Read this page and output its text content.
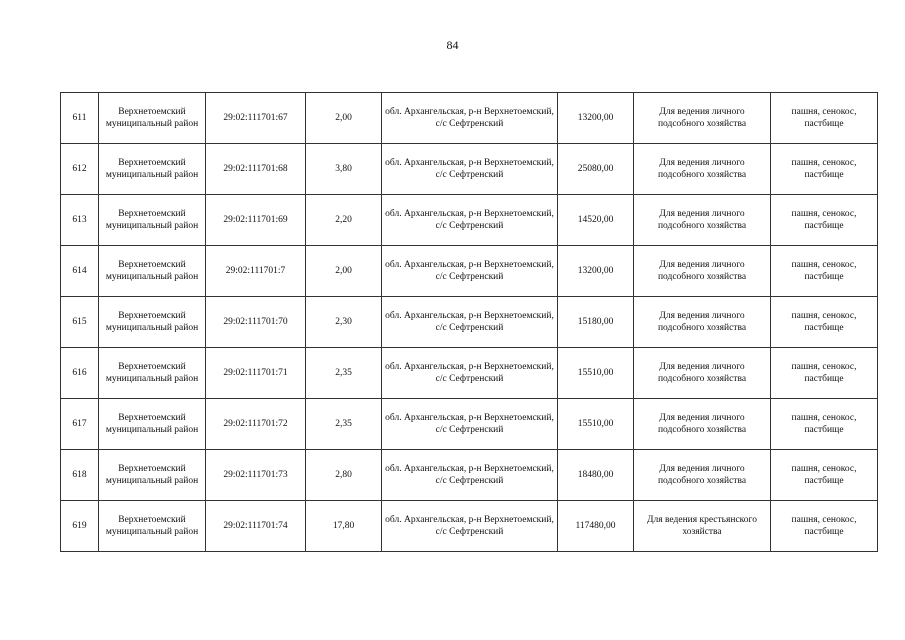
84
611	Верхнетоемский муниципальный район	29:02:111701:67	2,00	обл. Архангельская, р-н Верхнетоемский, с/с Сефтренский	13200,00	Для ведения личного подсобного хозяйства	пашня, сенокос, пастбище
612	Верхнетоемский муниципальный район	29:02:111701:68	3,80	обл. Архангельская, р-н Верхнетоемский, с/с Сефтренский	25080,00	Для ведения личного подсобного хозяйства	пашня, сенокос, пастбище
613	Верхнетоемский муниципальный район	29:02:111701:69	2,20	обл. Архангельская, р-н Верхнетоемский, с/с Сефтренский	14520,00	Для ведения личного подсобного хозяйства	пашня, сенокос, пастбище
614	Верхнетоемский муниципальный район	29:02:111701:7	2,00	обл. Архангельская, р-н Верхнетоемский, с/с Сефтренский	13200,00	Для ведения личного подсобного хозяйства	пашня, сенокос, пастбище
615	Верхнетоемский муниципальный район	29:02:111701:70	2,30	обл. Архангельская, р-н Верхнетоемский, с/с Сефтренский	15180,00	Для ведения личного подсобного хозяйства	пашня, сенокос, пастбище
616	Верхнетоемский муниципальный район	29:02:111701:71	2,35	обл. Архангельская, р-н Верхнетоемский, с/с Сефтренский	15510,00	Для ведения личного подсобного хозяйства	пашня, сенокос, пастбище
617	Верхнетоемский муниципальный район	29:02:111701:72	2,35	обл. Архангельская, р-н Верхнетоемский, с/с Сефтренский	15510,00	Для ведения личного подсобного хозяйства	пашня, сенокос, пастбище
618	Верхнетоемский муниципальный район	29:02:111701:73	2,80	обл. Архангельская, р-н Верхнетоемский, с/с Сефтренский	18480,00	Для ведения личного подсобного хозяйства	пашня, сенокос, пастбище
619	Верхнетоемский муниципальный район	29:02:111701:74	17,80	обл. Архангельская, р-н Верхнетоемский, с/с Сефтренский	117480,00	Для ведения крестьянского хозяйства	пашня, сенокос, пастбище
